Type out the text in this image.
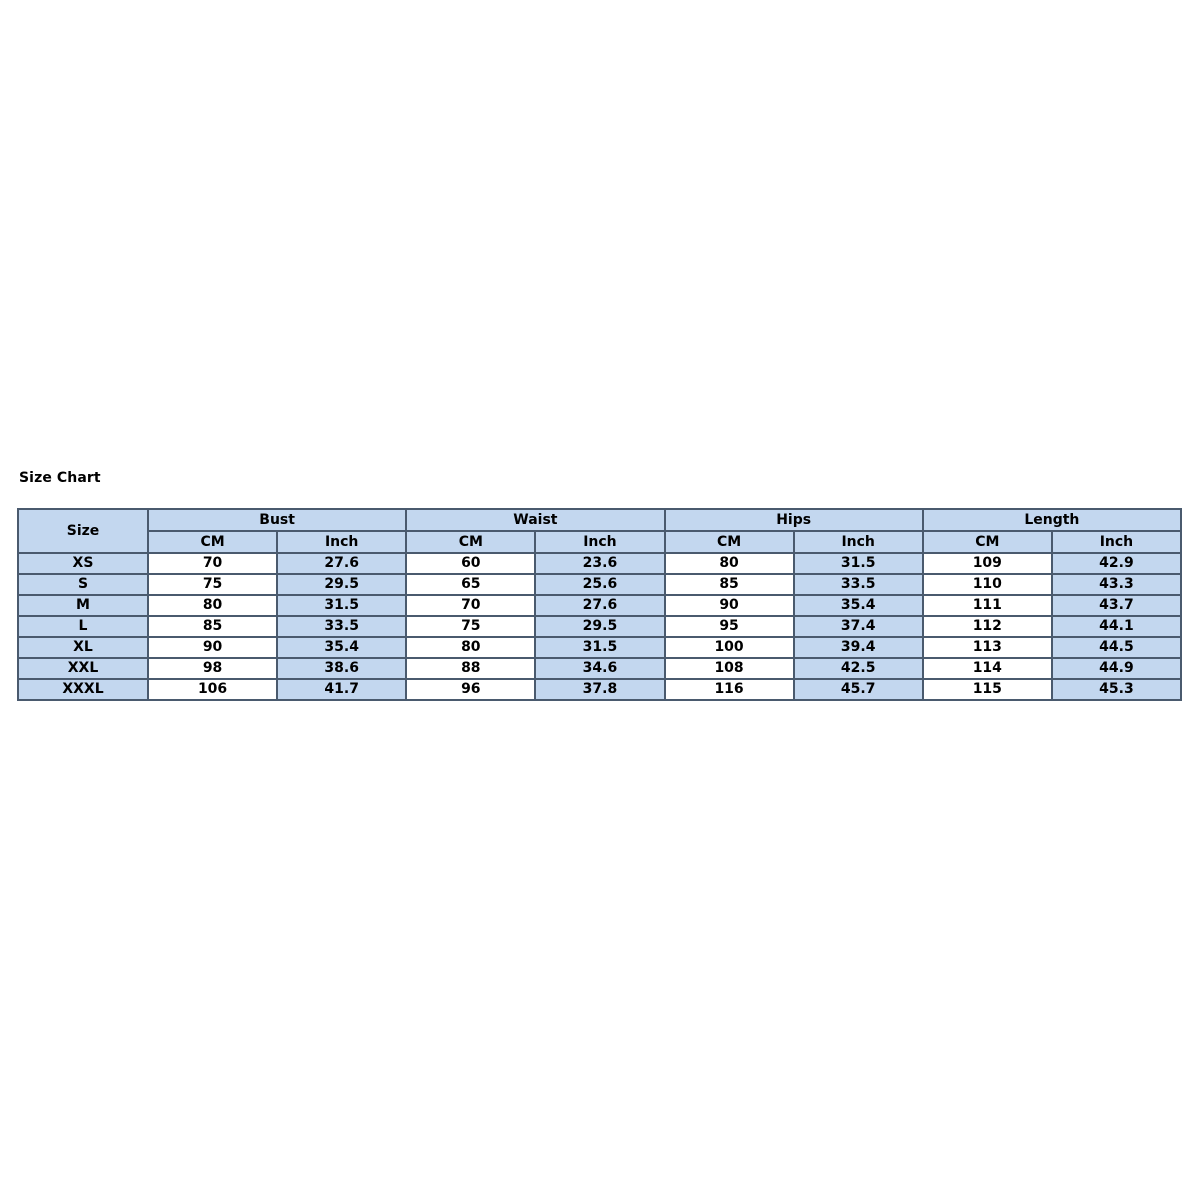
Size Chart
Size	Bust		Waist		Hips		Length	
	CM	Inch	CM	Inch	CM	Inch	CM	Inch
XS	70	27.6	60	23.6	80	31.5	109	42.9
S	75	29.5	65	25.6	85	33.5	110	43.3
M	80	31.5	70	27.6	90	35.4	111	43.7
L	85	33.5	75	29.5	95	37.4	112	44.1
XL	90	35.4	80	31.5	100	39.4	113	44.5
XXL	98	38.6	88	34.6	108	42.5	114	44.9
XXXL	106	41.7	96	37.8	116	45.7	115	45.3
